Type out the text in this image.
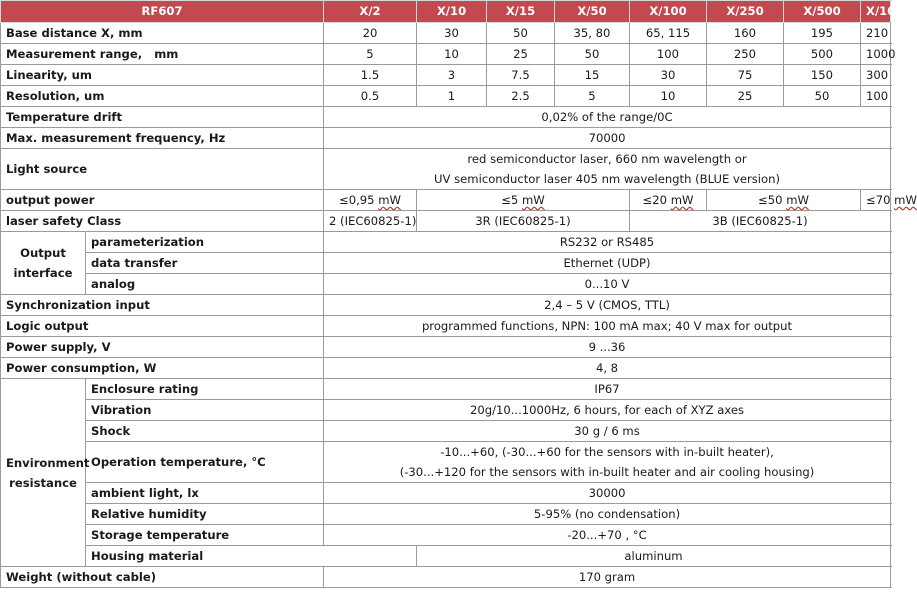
RF607		X/2	X/10	X/15	X/50	X/100	X/250	X/500	X/1000
Base distance X, mm		20	30	50	35, 80	65, 115	160	195	210
Measurement range,   mm		5	10	25	50	100	250	500	1000
Linearity, um		1.5	3	7.5	15	30	75	150	300
Resolution, um		0.5	1	2.5	5	10	25	50	100
Temperature drift		0,02% of the range/0C							
Max. measurement frequency, Hz		70000							
Light source		red semiconductor laser, 660 nm wavelength or
UV semiconductor laser 405 nm wavelength (BLUE version)							

output power		≤0,95 mW	≤5 mW			≤20 mW	≤50 mW		≤70 mW
laser safety Class		2 (IEC60825-1)	3R (IEC60825-1)			3B (IEC60825-1)			

Output
interface	parameterization	RS232 or RS485							
	data transfer	Ethernet (UDP)							
	analog	0...10 V							
Synchronization input		2,4 – 5 V (CMOS, TTL)							
Logic output		programmed functions, NPN: 100 mA max; 40 V max for output							
Power supply, V		9 ...36							
Power consumption, W		4, 8							

Environment
resistance	Enclosure rating	IP67							
	Vibration	20g/10...1000Hz, 6 hours, for each of XYZ axes							
	Shock	30 g / 6 ms							
	Operation temperature, °C	-10...+60, (-30...+60 for the sensors with in-built heater),
(-30...+120 for the sensors with in-built heater and air cooling housing)							

	ambient light, lx	30000							
	Relative humidity	5-95% (no condensation)							
	Storage temperature	-20...+70 , °C							
	Housing material		aluminum						
Weight (without cable)		170 gram							
